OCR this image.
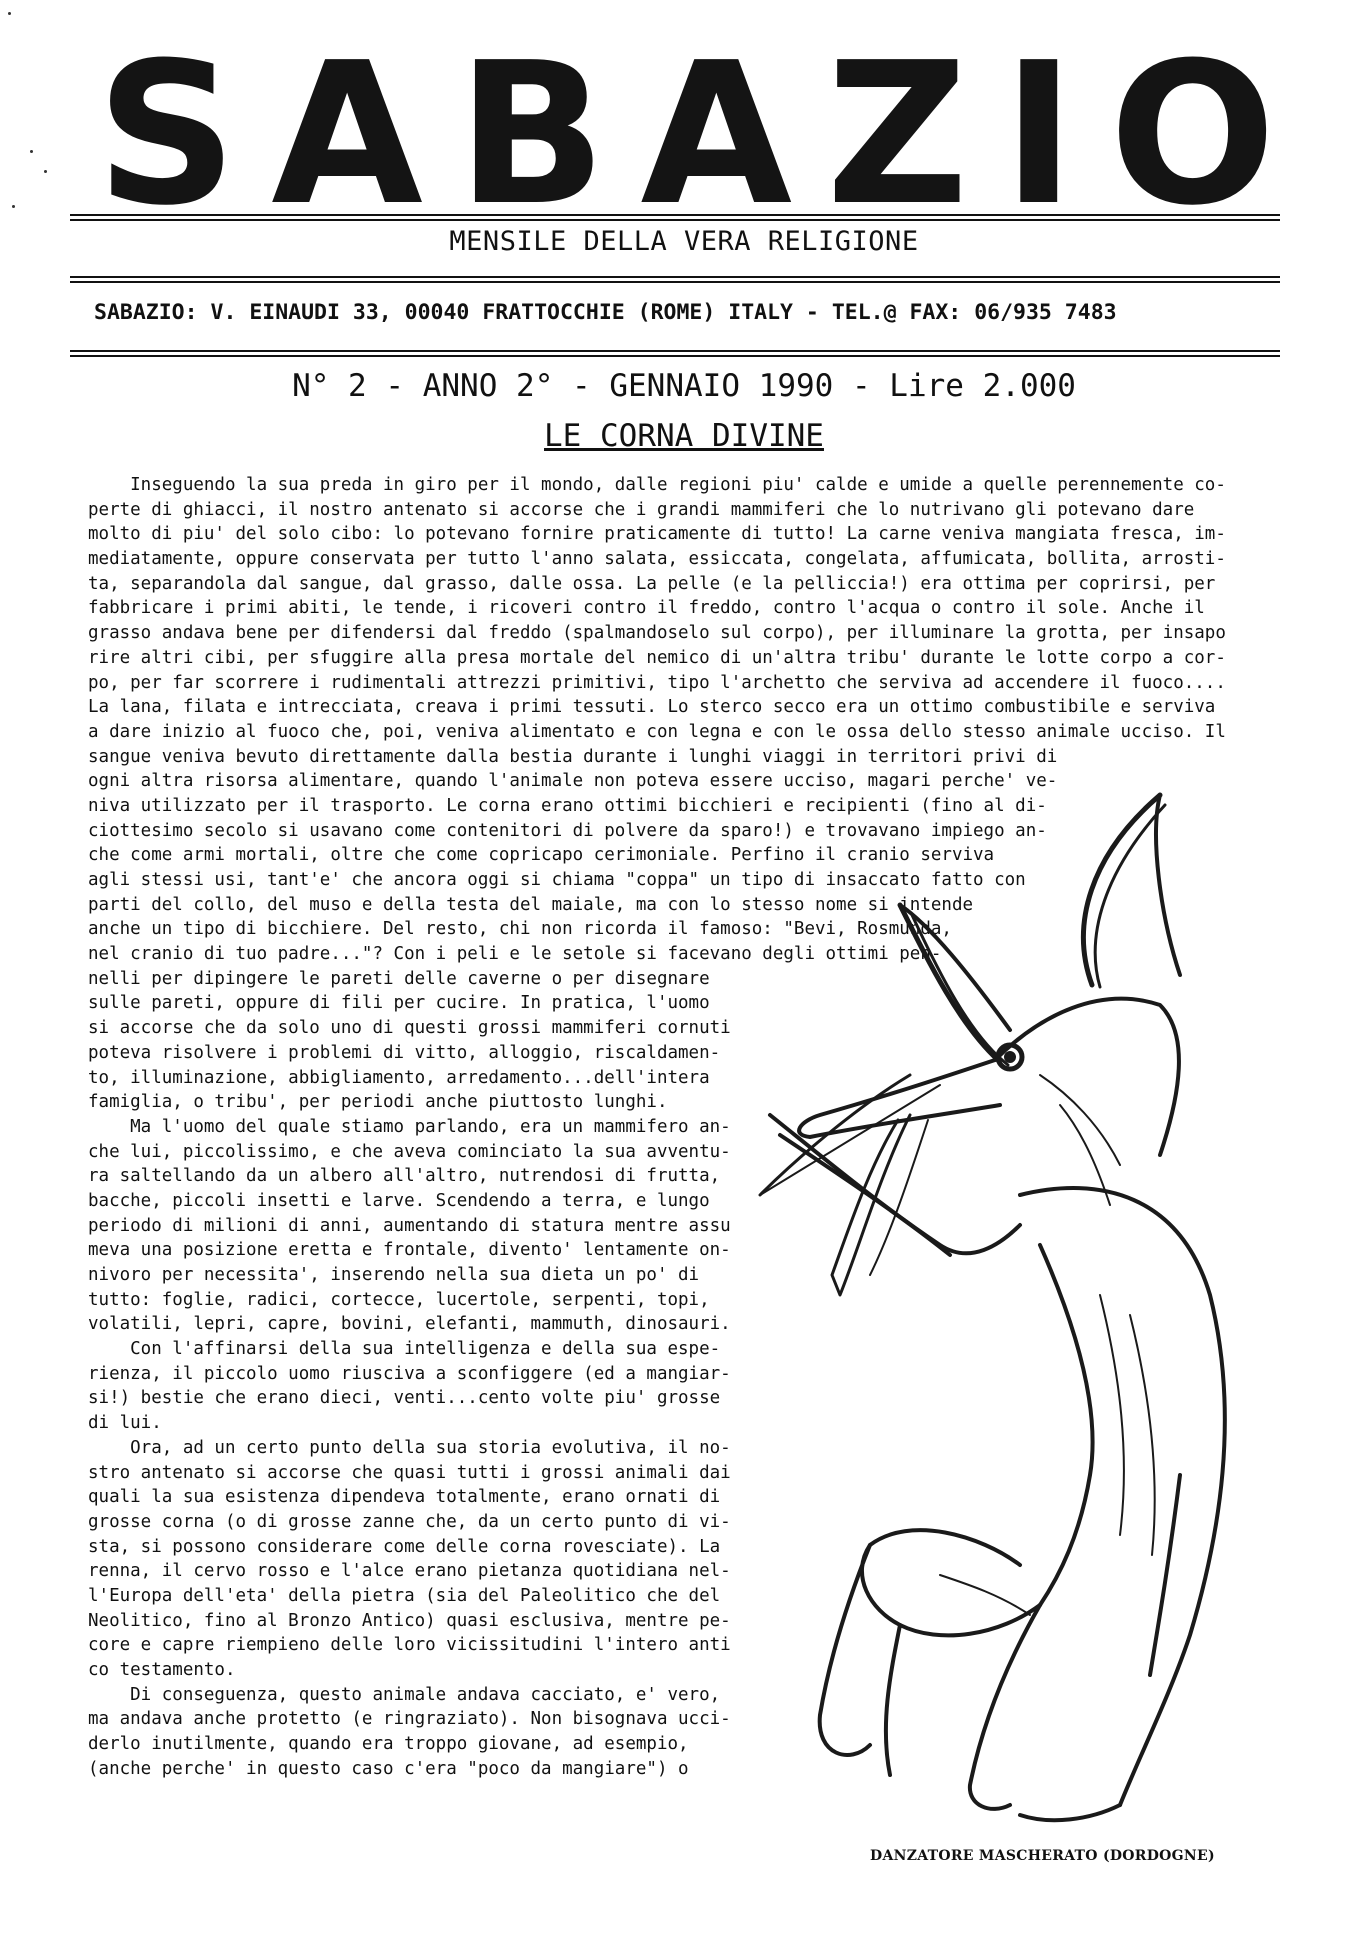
S A B A Z I O
MENSILE DELLA VERA RELIGIONE
SABAZIO: V. EINAUDI 33, 00040 FRATTOCCHIE (ROME) ITALY - TEL.@ FAX: 06/935 7483
N° 2 - ANNO 2° - GENNAIO 1990 - Lire 2.000
LE CORNA DIVINE
Inseguendo la sua preda in giro per il mondo, dalle regioni piu' calde e umide a quelle perennemente co-
perte di ghiacci, il nostro antenato si accorse che i grandi mammiferi che lo nutrivano gli potevano dare
molto di piu' del solo cibo: lo potevano fornire praticamente di tutto! La carne veniva mangiata fresca, im-
mediatamente, oppure conservata per tutto l'anno salata, essiccata, congelata, affumicata, bollita, arrosti-
ta, separandola dal sangue, dal grasso, dalle ossa. La pelle (e la pelliccia!) era ottima per coprirsi, per
fabbricare i primi abiti, le tende, i ricoveri contro il freddo, contro l'acqua o contro il sole. Anche il
grasso andava bene per difendersi dal freddo (spalmandoselo sul corpo), per illuminare la grotta, per insapo
rire altri cibi, per sfuggire alla presa mortale del nemico di un'altra tribu' durante le lotte corpo a cor-
po, per far scorrere i rudimentali attrezzi primitivi, tipo l'archetto che serviva ad accendere il fuoco....
La lana, filata e intrecciata, creava i primi tessuti. Lo sterco secco era un ottimo combustibile e serviva
a dare inizio al fuoco che, poi, veniva alimentato e con legna e con le ossa dello stesso animale ucciso. Il
sangue veniva bevuto direttamente dalla bestia durante i lunghi viaggi in territori privi di
ogni altra risorsa alimentare, quando l'animale non poteva essere ucciso, magari perche' ve-
niva utilizzato per il trasporto. Le corna erano ottimi bicchieri e recipienti (fino al di-
ciottesimo secolo si usavano come contenitori di polvere da sparo!) e trovavano impiego an-
che come armi mortali, oltre che come copricapo cerimoniale. Perfino il cranio serviva
agli stessi usi, tant'e' che ancora oggi si chiama "coppa" un tipo di insaccato fatto con
parti del collo, del muso e della testa del maiale, ma con lo stesso nome si intende
anche un tipo di bicchiere. Del resto, chi non ricorda il famoso: "Bevi, Rosmunda,
nel cranio di tuo padre..."? Con i peli e le setole si facevano degli ottimi pen-
nelli per dipingere le pareti delle caverne o per disegnare
sulle pareti, oppure di fili per cucire. In pratica, l'uomo
si accorse che da solo uno di questi grossi mammiferi cornuti
poteva risolvere i problemi di vitto, alloggio, riscaldamen-
to, illuminazione, abbigliamento, arredamento...dell'intera
famiglia, o tribu', per periodi anche piuttosto lunghi.
Ma l'uomo del quale stiamo parlando, era un mammifero an-
che lui, piccolissimo, e che aveva cominciato la sua avventu-
ra saltellando da un albero all'altro, nutrendosi di frutta,
bacche, piccoli insetti e larve. Scendendo a terra, e lungo
periodo di milioni di anni, aumentando di statura mentre assu
meva una posizione eretta e frontale, divento' lentamente on-
nivoro per necessita', inserendo nella sua dieta un po' di
tutto: foglie, radici, cortecce, lucertole, serpenti, topi,
volatili, lepri, capre, bovini, elefanti, mammuth, dinosauri.
Con l'affinarsi della sua intelligenza e della sua espe-
rienza, il piccolo uomo riusciva a sconfiggere (ed a mangiar-
si!) bestie che erano dieci, venti...cento volte piu' grosse
di lui.
Ora, ad un certo punto della sua storia evolutiva, il no-
stro antenato si accorse che quasi tutti i grossi animali dai
quali la sua esistenza dipendeva totalmente, erano ornati di
grosse corna (o di grosse zanne che, da un certo punto di vi-
sta, si possono considerare come delle corna rovesciate). La
renna, il cervo rosso e l'alce erano pietanza quotidiana nel-
l'Europa dell'eta' della pietra (sia del Paleolitico che del
Neolitico, fino al Bronzo Antico) quasi esclusiva, mentre pe-
core e capre riempieno delle loro vicissitudini l'intero anti
co testamento.
Di conseguenza, questo animale andava cacciato, e' vero,
ma andava anche protetto (e ringraziato). Non bisognava ucci-
derlo inutilmente, quando era troppo giovane, ad esempio,
(anche perche' in questo caso c'era "poco da mangiare") o
DANZATORE MASCHERATO (DORDOGNE)
